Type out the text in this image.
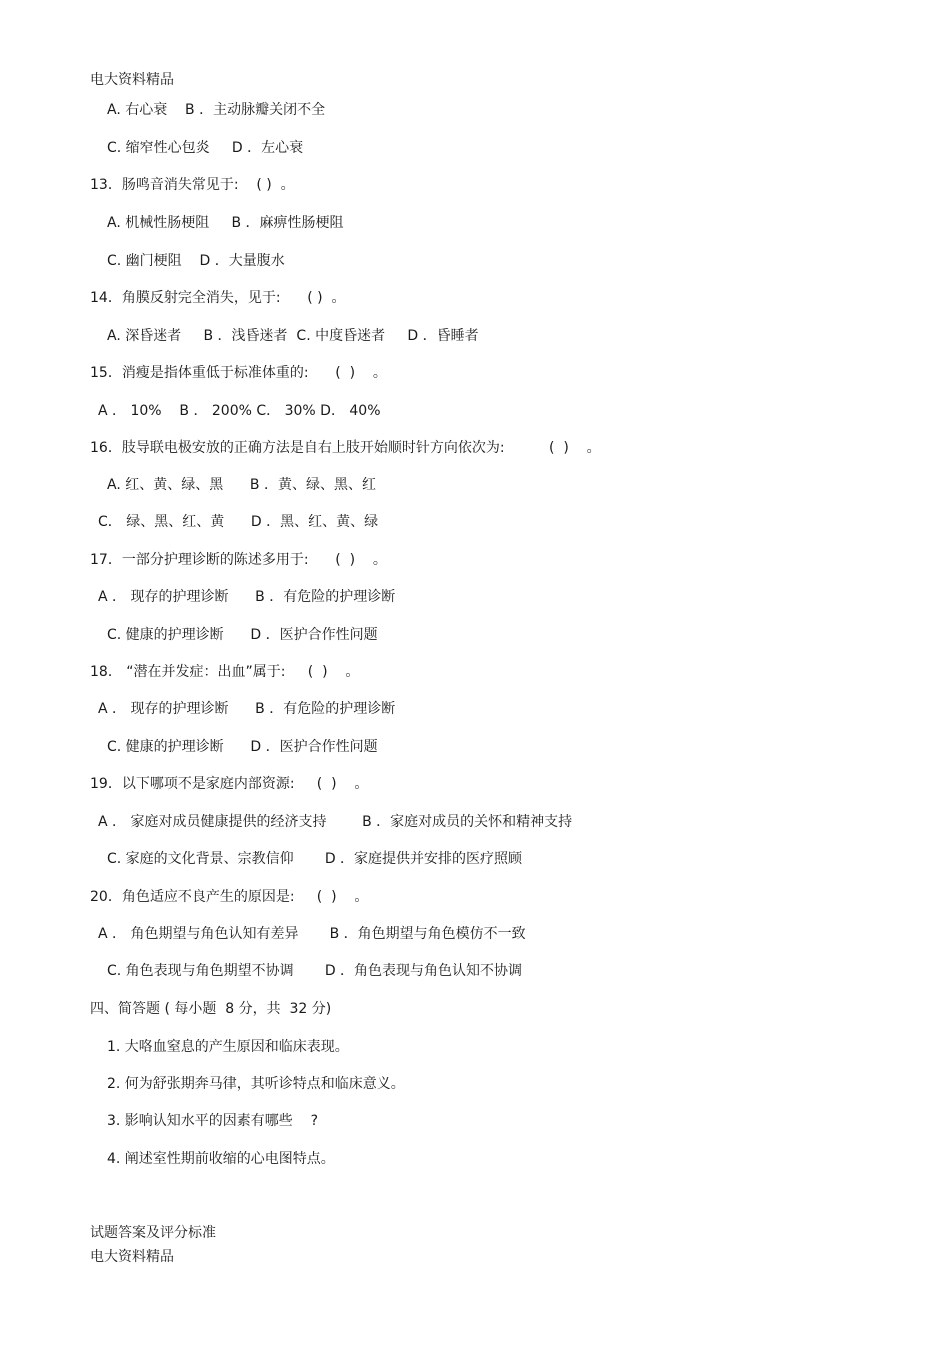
电大资料精品
A. 右心衰    B ．主动脉瓣关闭不全
C. 缩窄性心包炎     D ．左心衰
13．肠鸣音消失常见于:    ( )  。
A. 机械性肠梗阻     B ．麻痹性肠梗阻
C. 幽门梗阻    D ．大量腹水
14．角膜反射完全消失，见于:      ( )  。
A. 深昏迷者     B ．浅昏迷者  C. 中度昏迷者     D ．昏睡者
15．消瘦是指体重低于标准体重的:      (  )    。
A ． 10%    B ． 200% C． 30% D． 40%
16．肢导联电极安放的正确方法是自右上肢开始顺时针方向依次为:          (  )    。
A. 红、黄、绿、黑      B ．黄、绿、黑、红
C． 绿、黑、红、黄      D ．黑、红、黄、绿
17．一部分护理诊断的陈述多用于:      (  )    。
A ． 现存的护理诊断      B ．有危险的护理诊断
C. 健康的护理诊断      D ．医护合作性问题
18． “潜在并发症：出血”属于:     (  )    。
A ． 现存的护理诊断      B ．有危险的护理诊断
C. 健康的护理诊断      D ．医护合作性问题
19．以下哪项不是家庭内部资源:     (  )    。
A ． 家庭对成员健康提供的经济支持        B ．家庭对成员的关怀和精神支持
C. 家庭的文化背景、宗教信仰       D ．家庭提供并安排的医疗照顾
20．角色适应不良产生的原因是:     (  )    。
A ． 角色期望与角色认知有差异       B ．角色期望与角色模仿不一致
C. 角色表现与角色期望不协调       D ．角色表现与角色认知不协调
四、简答题 ( 每小题  8 分，共  32 分)
1. 大咯血窒息的产生原因和临床表现。
2. 何为舒张期奔马律，其听诊特点和临床意义。
3. 影响认知水平的因素有哪些    ?
4. 阐述室性期前收缩的心电图特点。
试题答案及评分标准
电大资料精品
